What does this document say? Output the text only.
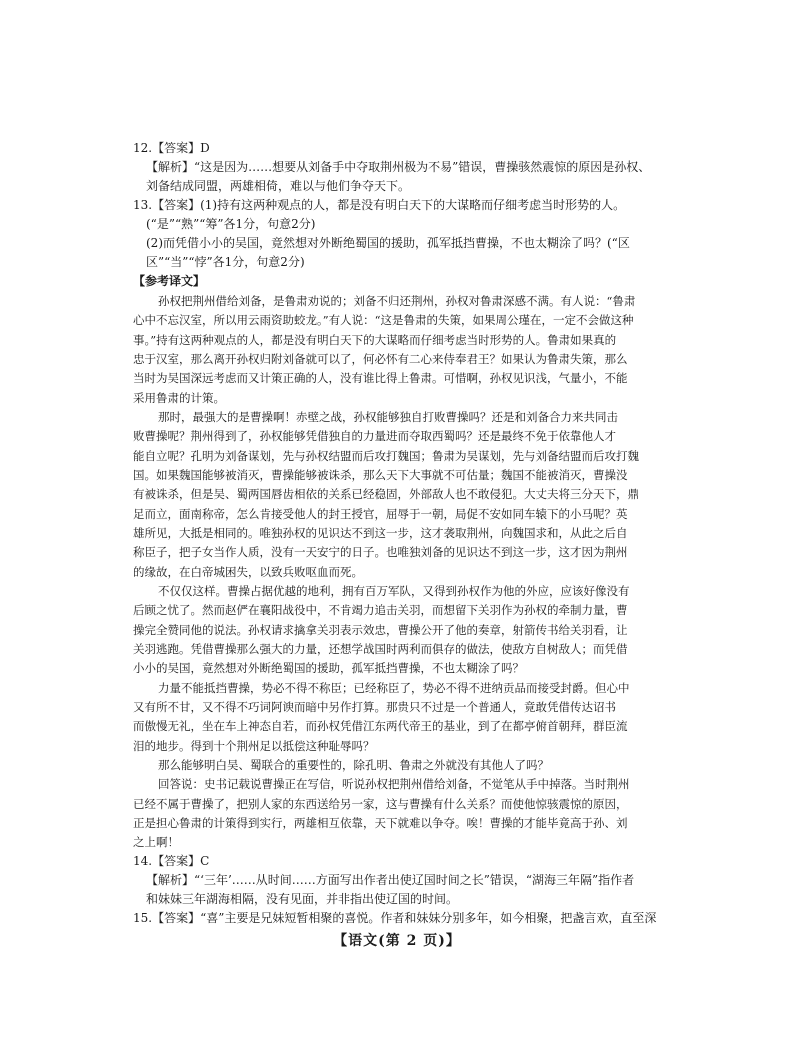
12.【答案】D
【解析】“这是因为……想要从刘备手中夺取荆州极为不易”错误，曹操骇然震惊的原因是孙权、
刘备结成同盟，两雄相倚，难以与他们争夺天下。
13.【答案】(1)持有这两种观点的人，都是没有明白天下的大谋略而仔细考虑当时形势的人。
(“是”“熟”“筹”各1分，句意2分)
(2)而凭借小小的吴国，竟然想对外断绝蜀国的援助，孤军抵挡曹操，不也太糊涂了吗？(“区
区”“当”“悖”各1分，句意2分)
【参考译文】
孙权把荆州借给刘备，是鲁肃劝说的；刘备不归还荆州，孙权对鲁肃深感不满。有人说：“鲁肃
心中不忘汉室，所以用云雨资助蛟龙。”有人说：“这是鲁肃的失策，如果周公瑾在，一定不会做这种
事。”持有这两种观点的人，都是没有明白天下的大谋略而仔细考虑当时形势的人。鲁肃如果真的
忠于汉室，那么离开孙权归附刘备就可以了，何必怀有二心来侍奉君王？如果认为鲁肃失策，那么
当时为吴国深远考虑而又计策正确的人，没有谁比得上鲁肃。可惜啊，孙权见识浅，气量小，不能
采用鲁肃的计策。
那时，最强大的是曹操啊！赤壁之战，孙权能够独自打败曹操吗？还是和刘备合力来共同击
败曹操呢？荆州得到了，孙权能够凭借独自的力量进而夺取西蜀吗？还是最终不免于依靠他人才
能自立呢？孔明为刘备谋划，先与孙权结盟而后攻打魏国；鲁肃为吴谋划，先与刘备结盟而后攻打魏
国。如果魏国能够被消灭，曹操能够被诛杀，那么天下大事就不可估量；魏国不能被消灭，曹操没
有被诛杀，但是吴、蜀两国唇齿相依的关系已经稳固，外部敌人也不敢侵犯。大丈夫将三分天下，鼎
足而立，面南称帝，怎么肯接受他人的封王授官，屈辱于一朝，局促不安如同车辕下的小马呢？英
雄所见，大抵是相同的。唯独孙权的见识达不到这一步，这才袭取荆州，向魏国求和，从此之后自
称臣子，把子女当作人质，没有一天安宁的日子。也唯独刘备的见识达不到这一步，这才因为荆州
的缘故，在白帝城困失，以致兵败呕血而死。
不仅仅这样。曹操占据优越的地利，拥有百万军队，又得到孙权作为他的外应，应该好像没有
后顾之忧了。然而赵俨在襄阳战役中，不肯竭力追击关羽，而想留下关羽作为孙权的牵制力量，曹
操完全赞同他的说法。孙权请求擒拿关羽表示效忠，曹操公开了他的奏章，射箭传书给关羽看，让
关羽逃跑。凭借曹操那么强大的力量，还想学战国时两利而俱存的做法，使敌方自树敌人；而凭借
小小的吴国，竟然想对外断绝蜀国的援助，孤军抵挡曹操，不也太糊涂了吗？
力量不能抵挡曹操，势必不得不称臣；已经称臣了，势必不得不进纳贡品而接受封爵。但心中
又有所不甘，又不得不巧词阿谀而暗中另作打算。那贵只不过是一个普通人，竟敢凭借传达诏书
而傲慢无礼，坐在车上神态自若，而孙权凭借江东两代帝王的基业，到了在都亭俯首朝拜，群臣流
泪的地步。得到十个荆州足以抵偿这种耻辱吗？
那么能够明白吴、蜀联合的重要性的，除孔明、鲁肃之外就没有其他人了吗？
回答说：史书记载说曹操正在写信，听说孙权把荆州借给刘备，不觉笔从手中掉落。当时荆州
已经不属于曹操了，把别人家的东西送给另一家，这与曹操有什么关系？而使他惊骇震惊的原因，
正是担心鲁肃的计策得到实行，两雄相互依靠，天下就难以争夺。唉！曹操的才能毕竟高于孙、刘
之上啊！
14.【答案】C
【解析】“‘三年’……从时间……方面写出作者出使辽国时间之长”错误，“湖海三年隔”指作者
和妹妹三年湖海相隔，没有见面，并非指出使辽国的时间。
15.【答案】“喜”主要是兄妹短暂相聚的喜悦。作者和妹妹分别多年，如今相聚，把盏言欢，直至深
【语文(第 2 页)】
